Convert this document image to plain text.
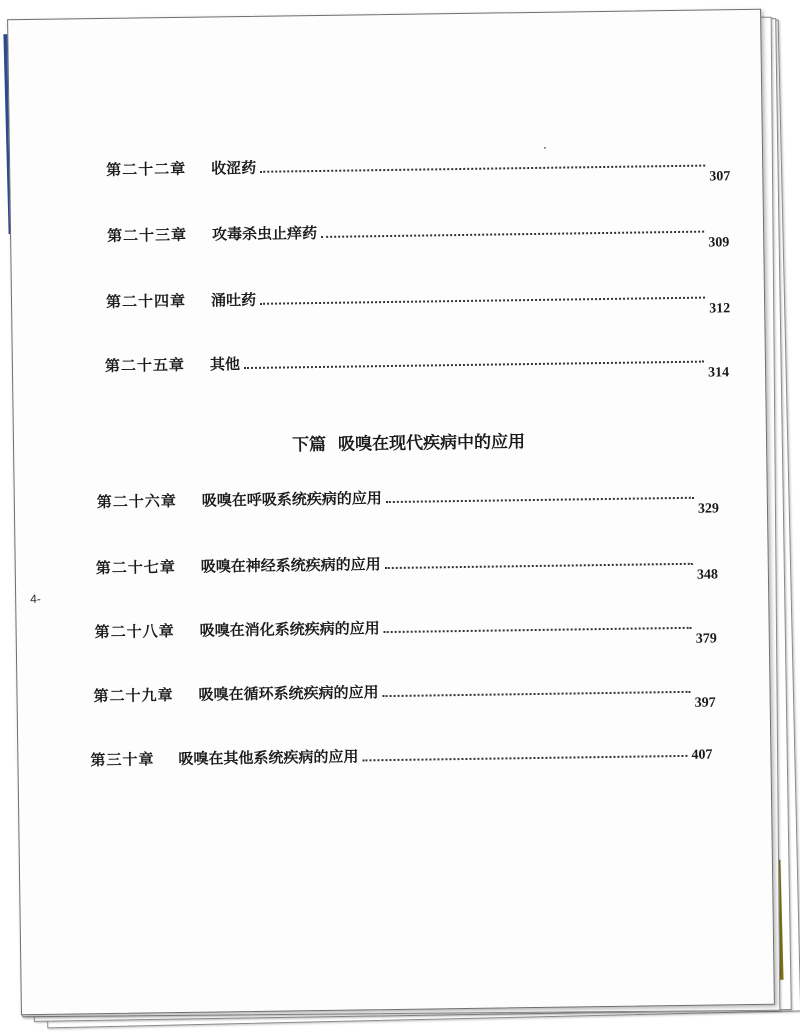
第二十二章	收涩药	307
第二十三章	攻毒杀虫止痒药	309
第二十四章	涌吐药	312
第二十五章	其他	314
下篇 吸嗅在现代疾病中的应用
第二十六章	吸嗅在呼吸系统疾病的应用	329
第二十七章	吸嗅在神经系统疾病的应用	348
第二十八章	吸嗅在消化系统疾病的应用	379
第二十九章	吸嗅在循环系统疾病的应用	397
第三十章	吸嗅在其他系统疾病的应用	407
4-
